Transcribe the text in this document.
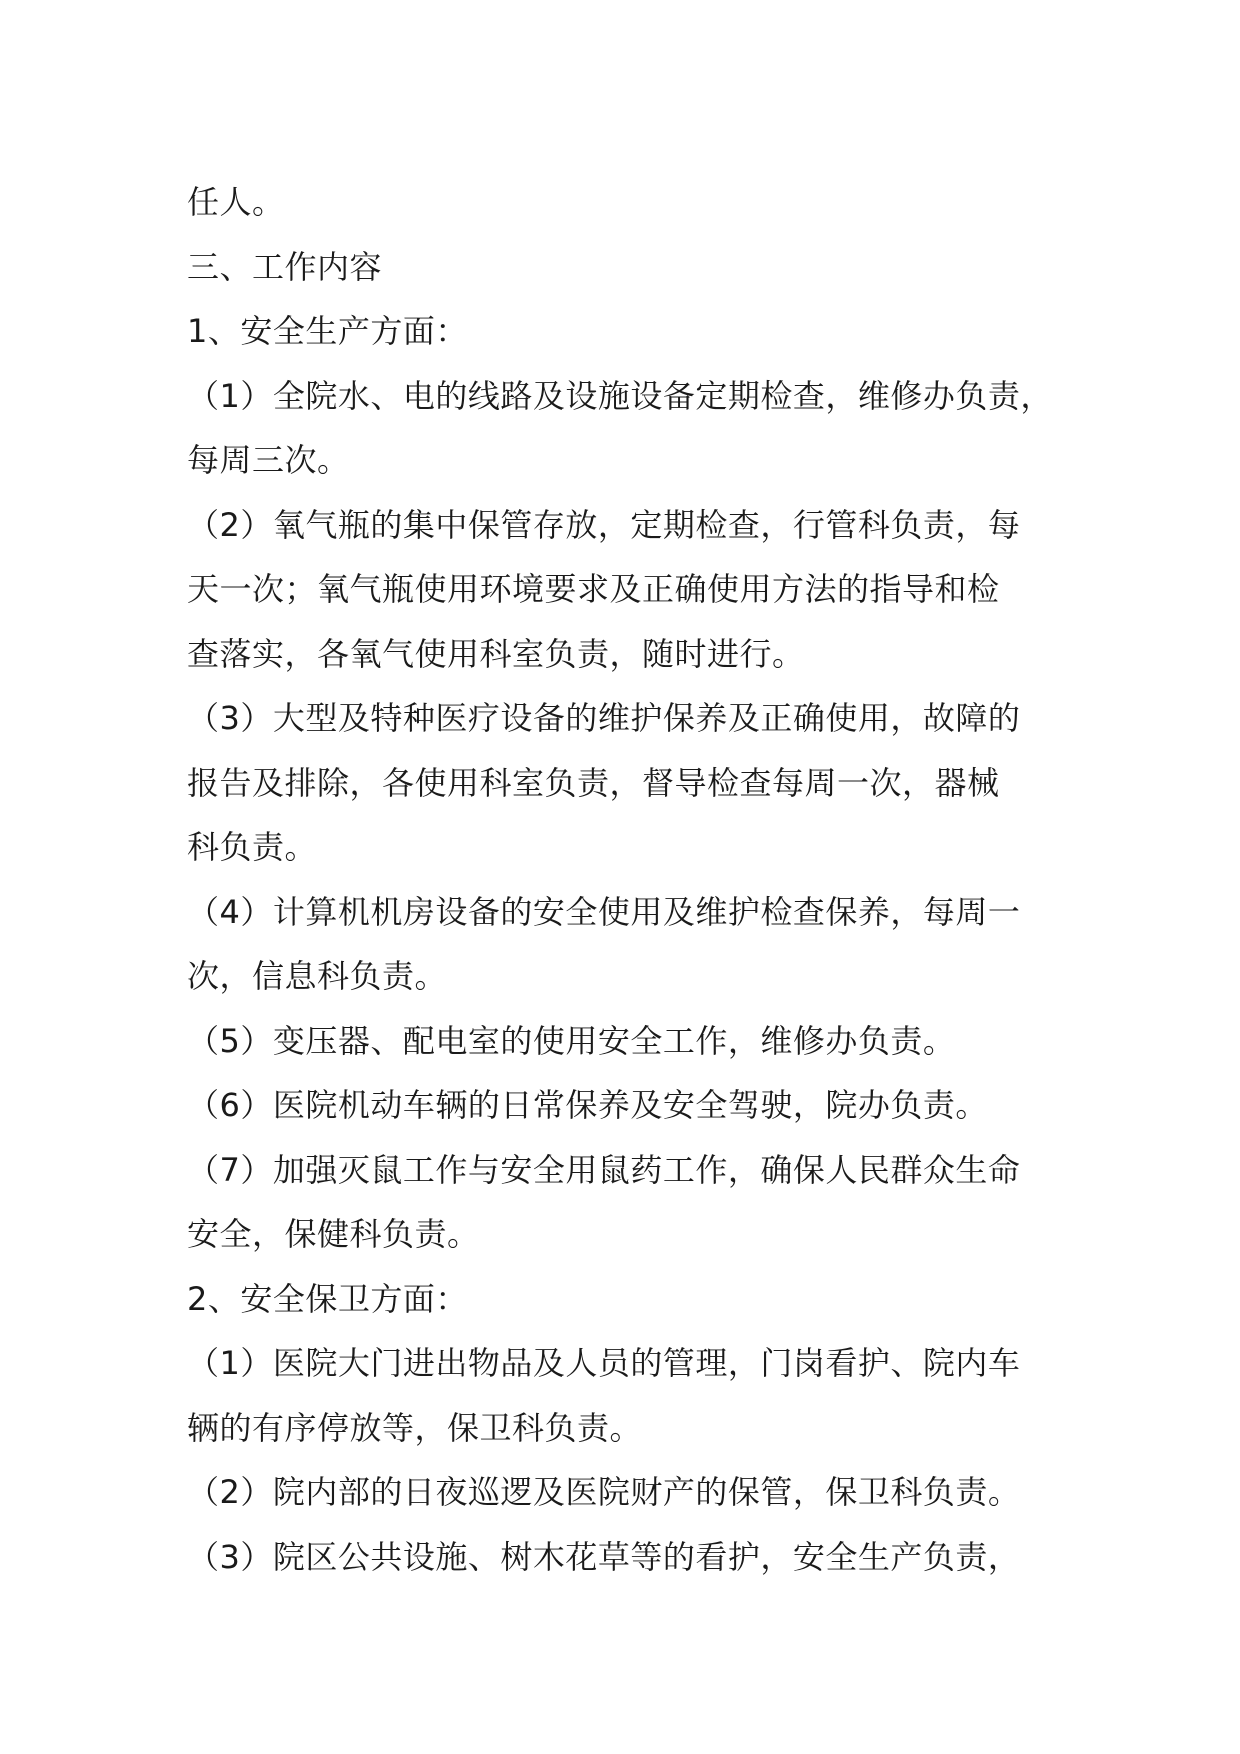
任人。
三、工作内容
1、安全生产方面：
（1）全院水、电的线路及设施设备定期检查，维修办负责，
每周三次。
（2）氧气瓶的集中保管存放，定期检查，行管科负责，每
天一次；氧气瓶使用环境要求及正确使用方法的指导和检
查落实，各氧气使用科室负责，随时进行。
（3）大型及特种医疗设备的维护保养及正确使用，故障的
报告及排除，各使用科室负责，督导检查每周一次，器械
科负责。
（4）计算机机房设备的安全使用及维护检查保养，每周一
次，信息科负责。
（5）变压器、配电室的使用安全工作，维修办负责。
（6）医院机动车辆的日常保养及安全驾驶，院办负责。
（7）加强灭鼠工作与安全用鼠药工作，确保人民群众生命
安全，保健科负责。
2、安全保卫方面：
（1）医院大门进出物品及人员的管理，门岗看护、院内车
辆的有序停放等，保卫科负责。
（2）院内部的日夜巡逻及医院财产的保管，保卫科负责。
（3）院区公共设施、树木花草等的看护，安全生产负责，
